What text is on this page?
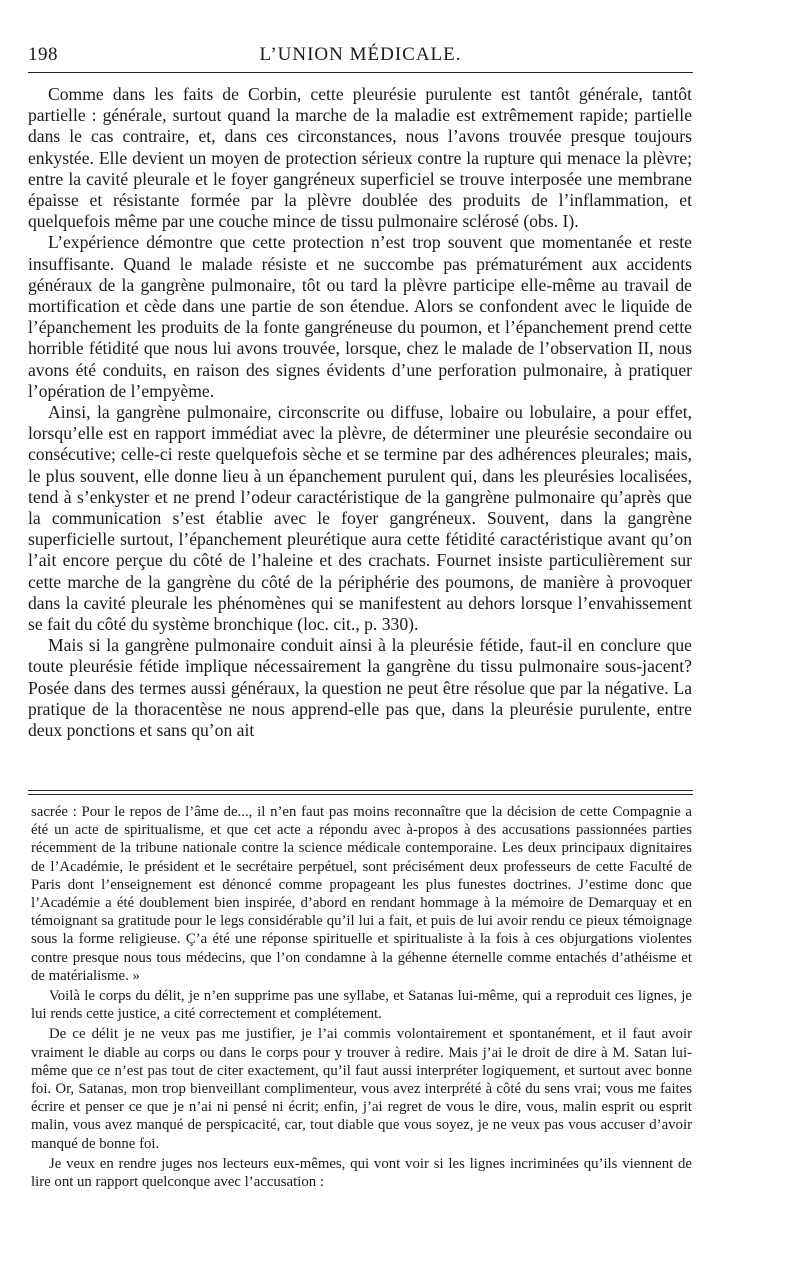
198	L’UNION MÉDICALE.

Comme dans les faits de Corbin, cette pleurésie purulente est tantôt générale, tantôt partielle : générale, surtout quand la marche de la maladie est extrêmement rapide; partielle dans le cas contraire, et, dans ces circonstances, nous l’avons trouvée presque toujours enkystée. Elle devient un moyen de protection sérieux contre la rupture qui menace la plèvre; entre la cavité pleurale et le foyer gangréneux superficiel se trouve interposée une membrane épaisse et résistante formée par la plèvre doublée des produits de l’inflammation, et quelquefois même par une couche mince de tissu pulmonaire sclérosé (obs. I).

L’expérience démontre que cette protection n’est trop souvent que momentanée et reste insuffisante. Quand le malade résiste et ne succombe pas prématurément aux accidents généraux de la gangrène pulmonaire, tôt ou tard la plèvre participe elle-même au travail de mortification et cède dans une partie de son étendue. Alors se confondent avec le liquide de l’épanchement les produits de la fonte gangréneuse du poumon, et l’épanchement prend cette horrible fétidité que nous lui avons trouvée, lorsque, chez le malade de l’observation II, nous avons été conduits, en raison des signes évidents d’une perforation pulmonaire, à pratiquer l’opération de l’empyème.

Ainsi, la gangrène pulmonaire, circonscrite ou diffuse, lobaire ou lobulaire, a pour effet, lorsqu’elle est en rapport immédiat avec la plèvre, de déterminer une pleurésie secondaire ou consécutive; celle-ci reste quelquefois sèche et se termine par des adhérences pleurales; mais, le plus souvent, elle donne lieu à un épanchement purulent qui, dans les pleurésies localisées, tend à s’enkyster et ne prend l’odeur caractéristique de la gangrène pulmonaire qu’après que la communication s’est établie avec le foyer gangréneux. Souvent, dans la gangrène superficielle surtout, l’épanchement pleurétique aura cette fétidité caractéristique avant qu’on l’ait encore perçue du côté de l’haleine et des crachats. Fournet insiste particulièrement sur cette marche de la gangrène du côté de la périphérie des poumons, de manière à provoquer dans la cavité pleurale les phénomènes qui se manifestent au dehors lorsque l’envahissement se fait du côté du système bronchique (loc. cit., p. 330).

Mais si la gangrène pulmonaire conduit ainsi à la pleurésie fétide, faut-il en conclure que toute pleurésie fétide implique nécessairement la gangrène du tissu pulmonaire sous-jacent? Posée dans des termes aussi généraux, la question ne peut être résolue que par la négative. La pratique de la thoracentèse ne nous apprend-elle pas que, dans la pleurésie purulente, entre deux ponctions et sans qu’on ait

sacrée : Pour le repos de l’âme de..., il n’en faut pas moins reconnaître que la décision de cette Compagnie a été un acte de spiritualisme, et que cet acte a répondu avec à-propos à des accusations passionnées parties récemment de la tribune nationale contre la science médicale contemporaine. Les deux principaux dignitaires de l’Académie, le président et le secrétaire perpétuel, sont précisément deux professeurs de cette Faculté de Paris dont l’enseignement est dénoncé comme propageant les plus funestes doctrines. J’estime donc que l’Académie a été doublement bien inspirée, d’abord en rendant hommage à la mémoire de Demarquay et en témoignant sa gratitude pour le legs considérable qu’il lui a fait, et puis de lui avoir rendu ce pieux témoignage sous la forme religieuse. Ç’a été une réponse spirituelle et spiritualiste à la fois à ces objurgations violentes contre presque nous tous médecins, que l’on condamne à la géhenne éternelle comme entachés d’athéisme et de matérialisme. »

Voilà le corps du délit, je n’en supprime pas une syllabe, et Satanas lui-même, qui a reproduit ces lignes, je lui rends cette justice, a cité correctement et complétement.

De ce délit je ne veux pas me justifier, je l’ai commis volontairement et spontanément, et il faut avoir vraiment le diable au corps ou dans le corps pour y trouver à redire. Mais j’ai le droit de dire à M. Satan lui-même que ce n’est pas tout de citer exactement, qu’il faut aussi interpréter logiquement, et surtout avec bonne foi. Or, Satanas, mon trop bienveillant complimenteur, vous avez interprété à côté du sens vrai; vous me faites écrire et penser ce que je n’ai ni pensé ni écrit; enfin, j’ai regret de vous le dire, vous, malin esprit ou esprit malin, vous avez manqué de perspicacité, car, tout diable que vous soyez, je ne veux pas vous accuser d’avoir manqué de bonne foi.

Je veux en rendre juges nos lecteurs eux-mêmes, qui vont voir si les lignes incriminées qu’ils viennent de lire ont un rapport quelconque avec l’accusation :
